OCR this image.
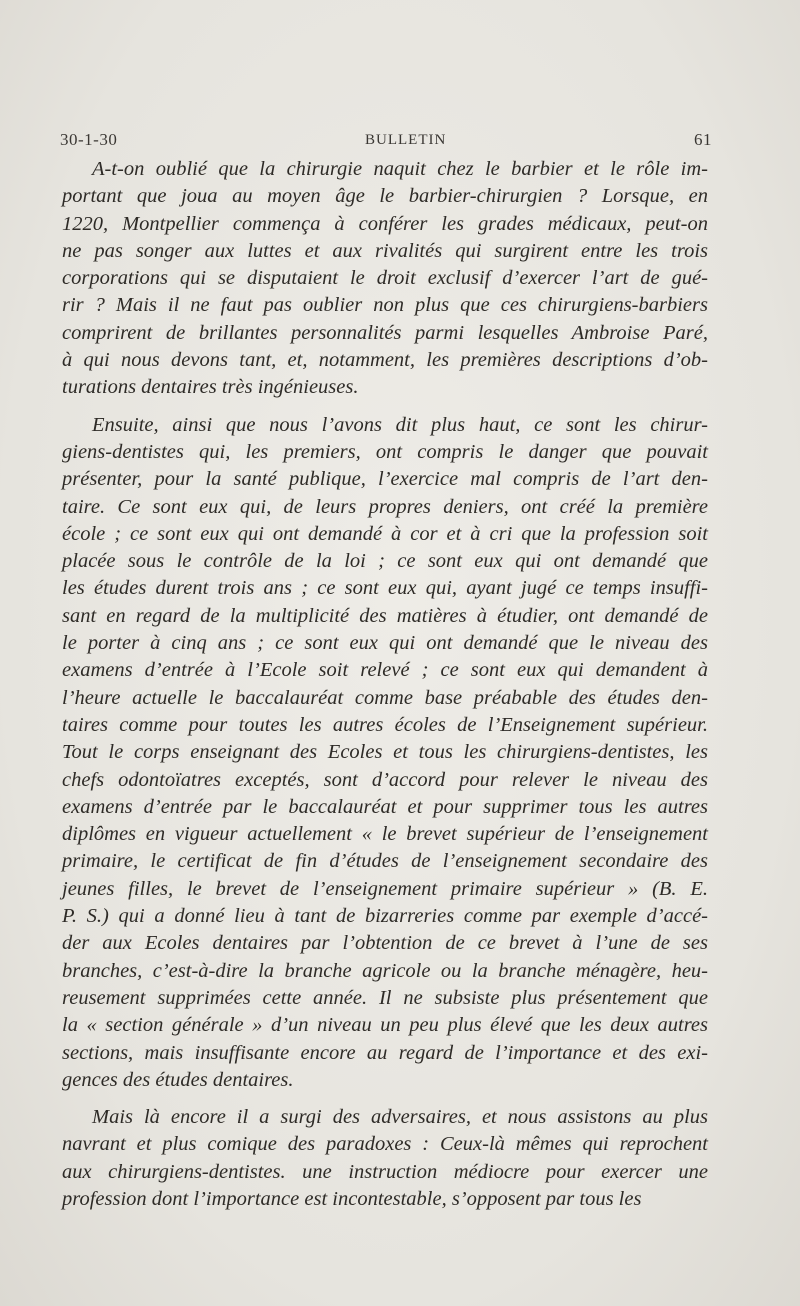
30-1-30	BULLETIN	61

A-t-on oublié que la chirurgie naquit chez le barbier et le rôle im-
portant que joua au moyen âge le barbier-chirurgien ? Lorsque, en
1220, Montpellier commença à conférer les grades médicaux, peut-on
ne pas songer aux luttes et aux rivalités qui surgirent entre les trois
corporations qui se disputaient le droit exclusif d’exercer l’art de gué-
rir ? Mais il ne faut pas oublier non plus que ces chirurgiens-barbiers
comprirent de brillantes personnalités parmi lesquelles Ambroise Paré,
à qui nous devons tant, et, notamment, les premières descriptions d’ob-
turations dentaires très ingénieuses.

Ensuite, ainsi que nous l’avons dit plus haut, ce sont les chirur-
giens-dentistes qui, les premiers, ont compris le danger que pouvait
présenter, pour la santé publique, l’exercice mal compris de l’art den-
taire. Ce sont eux qui, de leurs propres deniers, ont créé la première
école ; ce sont eux qui ont demandé à cor et à cri que la profession soit
placée sous le contrôle de la loi ; ce sont eux qui ont demandé que
les études durent trois ans ; ce sont eux qui, ayant jugé ce temps insuffi-
sant en regard de la multiplicité des matières à étudier, ont demandé de
le porter à cinq ans ; ce sont eux qui ont demandé que le niveau des
examens d’entrée à l’Ecole soit relevé ; ce sont eux qui demandent à
l’heure actuelle le baccalauréat comme base préabable des études den-
taires comme pour toutes les autres écoles de l’Enseignement supérieur.
Tout le corps enseignant des Ecoles et tous les chirurgiens-dentistes, les
chefs odontoïatres exceptés, sont d’accord pour relever le niveau des
examens d’entrée par le baccalauréat et pour supprimer tous les autres
diplômes en vigueur actuellement « le brevet supérieur de l’enseignement
primaire, le certificat de fin d’études de l’enseignement secondaire des
jeunes filles, le brevet de l’enseignement primaire supérieur » (B. E.
P. S.) qui a donné lieu à tant de bizarreries comme par exemple d’accé-
der aux Ecoles dentaires par l’obtention de ce brevet à l’une de ses
branches, c’est-à-dire la branche agricole ou la branche ménagère, heu-
reusement supprimées cette année. Il ne subsiste plus présentement que
la « section générale » d’un niveau un peu plus élevé que les deux autres
sections, mais insuffisante encore au regard de l’importance et des exi-
gences des études dentaires.

Mais là encore il a surgi des adversaires, et nous assistons au plus
navrant et plus comique des paradoxes : Ceux-là mêmes qui reprochent
aux chirurgiens-dentistes. une instruction médiocre pour exercer une
profession dont l’importance est incontestable, s’opposent par tous les
